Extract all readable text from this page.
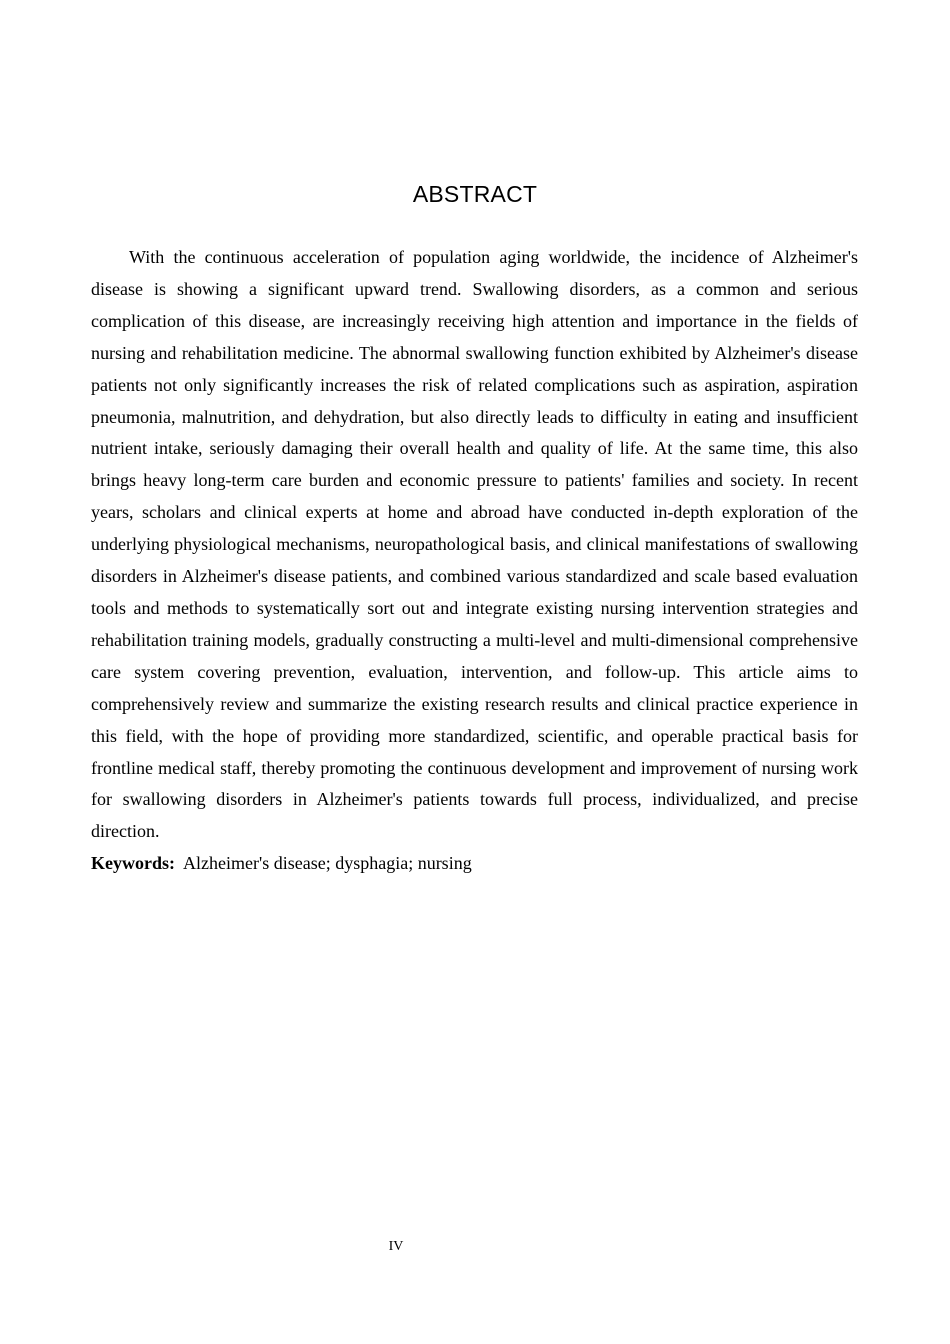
ABSTRACT

With the continuous acceleration of population aging worldwide, the incidence of Alzheimer's disease is showing a significant upward trend. Swallowing disorders, as a common and serious complication of this disease, are increasingly receiving high attention and importance in the fields of nursing and rehabilitation medicine. The abnormal swallowing function exhibited by Alzheimer's disease patients not only significantly increases the risk of related complications such as aspiration, aspiration pneumonia, malnutrition, and dehydration, but also directly leads to difficulty in eating and insufficient nutrient intake, seriously damaging their overall health and quality of life. At the same time, this also brings heavy long-term care burden and economic pressure to patients' families and society. In recent years, scholars and clinical experts at home and abroad have conducted in-depth exploration of the underlying physiological mechanisms, neuropathological basis, and clinical manifestations of swallowing disorders in Alzheimer's disease patients, and combined various standardized and scale based evaluation tools and methods to systematically sort out and integrate existing nursing intervention strategies and rehabilitation training models, gradually constructing a multi-level and multi-dimensional comprehensive care system covering prevention, evaluation, intervention, and follow-up. This article aims to comprehensively review and summarize the existing research results and clinical practice experience in this field, with the hope of providing more standardized, scientific, and operable practical basis for frontline medical staff, thereby promoting the continuous development and improvement of nursing work for swallowing disorders in Alzheimer's patients towards full process, individualized, and precise direction.

Keywords: Alzheimer's disease; dysphagia; nursing

IV
